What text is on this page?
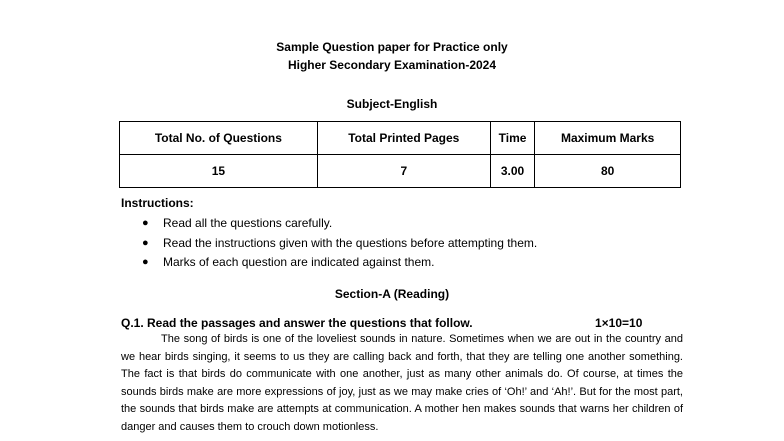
Sample Question paper for Practice only
Higher Secondary Examination-2024
Subject-English
Total No. of Questions	Total Printed Pages	Time	Maximum Marks
15	7	3.00	80
Instructions:
● Read all the questions carefully.
● Read the instructions given with the questions before attempting them.
● Marks of each question are indicated against them.
Section-A (Reading)
Q.1. Read the passages and answer the questions that follow.	1×10=10

The song of birds is one of the loveliest sounds in nature. Sometimes when we are out in the country and we hear birds singing, it seems to us they are calling back and forth, that they are telling one another something. The fact is that birds do communicate with one another, just as many other animals do. Of course, at times the sounds birds make are more expressions of joy, just as we may make cries of ‘Oh!’ and ‘Ah!’. But for the most part, the sounds that birds make are attempts at communication. A mother hen makes sounds that warns her children of danger and causes them to crouch down motionless.
